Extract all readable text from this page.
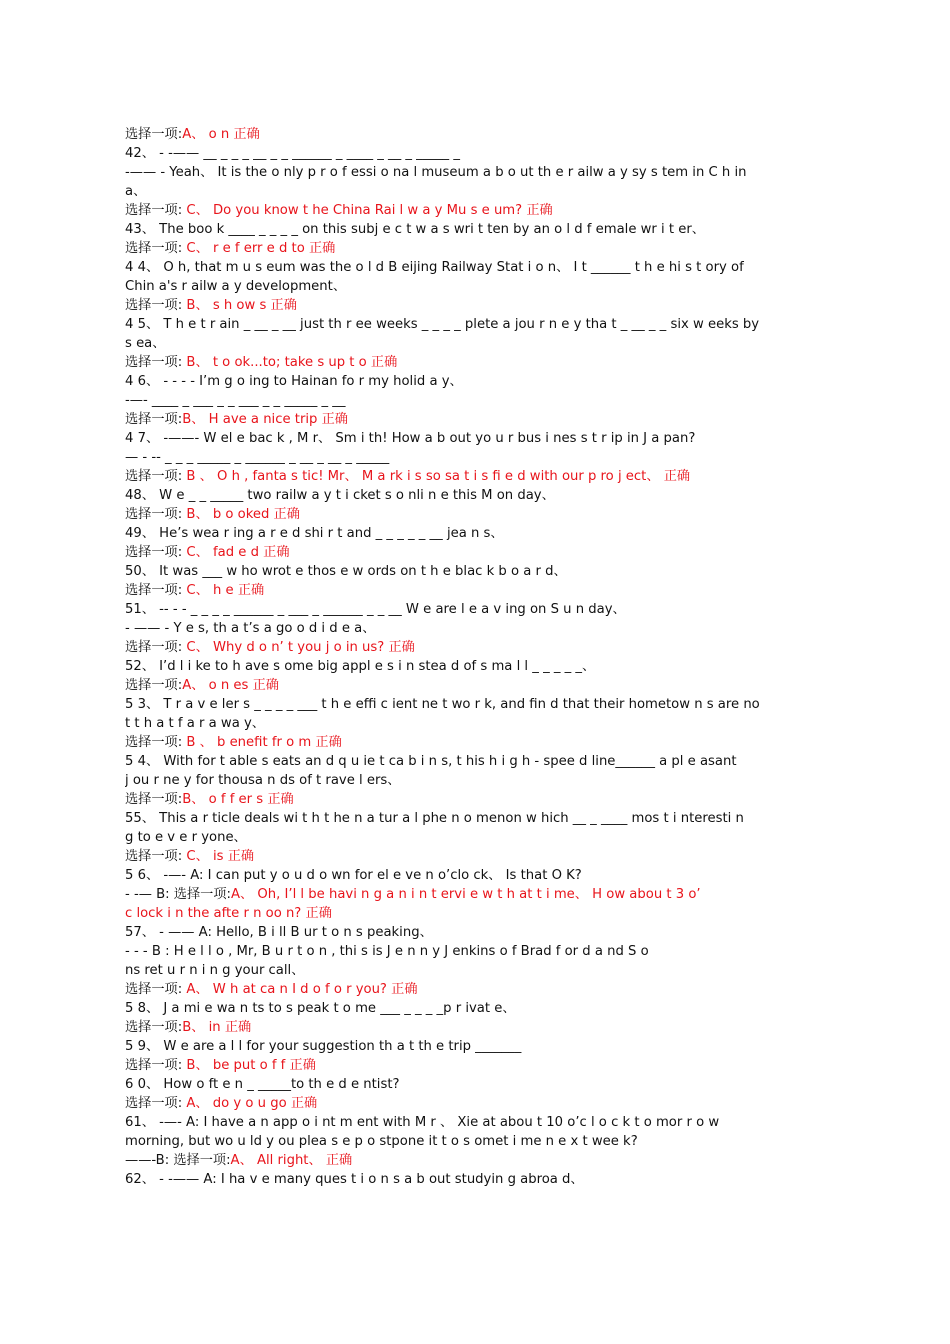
选择一项:A、 o n 正确
42、 - -—— __ _ _ _ __ _ _ ______ _ ____ _ __ _ _____ _
-—— - Yeah、 It is the o nly p r o f essi o na l museum a b o ut th e r ailw a y sy s tem in C h in
a、
选择一项: C、 Do you know t he China Rai l w a y Mu s e um? 正确
43、 The boo k ____ _ _ _ _ on this subj e c t w a s wri t ten by an o l d f emale wr i t er、
选择一项: C、 r e f err e d to 正确
4 4、 O h, that m u s eum was the o l d B eijing Railway Stat i o n、 I t ______ t h e hi s t ory of
Chin a's r ailw a y development、
选择一项: B、 s h ow s 正确
4 5、 T h e t r ain _ __ _ __ just th r ee weeks _ _ _ _ plete a jou r n e y tha t _ __ _ _ six w eeks by
s ea、
选择一项: B、 t o ok...to; take s up t o 正确
4 6、 - - - - I’m g o ing to Hainan fo r my holid a y、
-—- ____ _ ___ _ _ ___ _ _ _____ _ __
选择一项:B、 H ave a nice trip 正确
4 7、 -——- W el e bac k , M r、 Sm i th! How a b out yo u r bus i nes s t r ip in J a pan?
— - -- _ _ _ _____ _ ______ _ __ _ __ _ _____
选择一项: B 、 O h , fanta s tic! Mr、 M a rk i s so sa t i s fi e d with our p ro j ect、 正确
48、 W e _ _ _____ two railw a y t i cket s o nli n e this M on day、
选择一项: B、 b o oked 正确
49、 He’s wea r ing a r e d shi r t and _ _ _ _ _ __ jea n s、
选择一项: C、 fad e d 正确
50、 It was ___ w ho wrot e thos e w ords on t h e blac k b o a r d、
选择一项: C、 h e 正确
51、 -- - - _ _ _ _ ______ _ ___ _ ______ _ _ __ W e are l e a v ing on S u n day、
- —— - Y e s, th a t’s a go o d i d e a、
选择一项: C、 Why d o n’ t you j o in us? 正确
52、 I’d l i ke to h ave s ome big appl e s i n stea d of s ma l l _ _ _ _ _、
选择一项:A、 o n es 正确
5 3、 T r a v e ler s _ _ _ _ ___ t h e effi c ient ne t wo r k, and fin d that their hometow n s are no
t t h a t f a r a wa y、
选择一项: B 、 b enefit fr o m 正确
5 4、 With for t able s eats an d q u ie t ca b i n s, t his h i g h - spee d line______ a pl e asant
j ou r ne y for thousa n ds of t rave l ers、
选择一项:B、 o f f er s 正确
55、 This a r ticle deals wi t h t he n a tur a l phe n o menon w hich __ _ ____ mos t i nteresti n
g to e v e r yone、
选择一项: C、 is 正确
5 6、 -—- A: I can put y o u d o wn for el e ve n o’clo ck、 Is that O K?
- -— B: 选择一项:A、 Oh, I’l l be havi n g a n i n t ervi e w t h at t i me、 H ow abou t 3 o’
c lock i n the afte r n oo n? 正确
57、 - —— A: Hello, B i ll B ur t o n s peaking、
- - - B : H e l l o , Mr, B u r t o n , thi s is J e n n y J enkins o f Brad f or d a nd S o
ns ret u r n i n g your call、
选择一项: A、 W h at ca n I d o f o r you? 正确
5 8、 J a mi e wa n ts to s peak t o me ___ _ _ _ _p r ivat e、
选择一项:B、 in 正确
5 9、 W e are a l l for your suggestion th a t th e trip _______
选择一项: B、 be put o f f 正确
6 0、 How o ft e n _ _____to th e d e ntist?
选择一项: A、 do y o u go 正确
61、 -—- A: I have a n app o i nt m ent with M r 、 Xie at abou t 10 o’c l o c k t o mor r o w
morning, but wo u ld y ou plea s e p o stpone it t o s omet i me n e x t wee k?
——-B: 选择一项:A、 All right、 正确
62、 - -—— A: I ha v e many ques t i o n s a b out studyin g abroa d、
